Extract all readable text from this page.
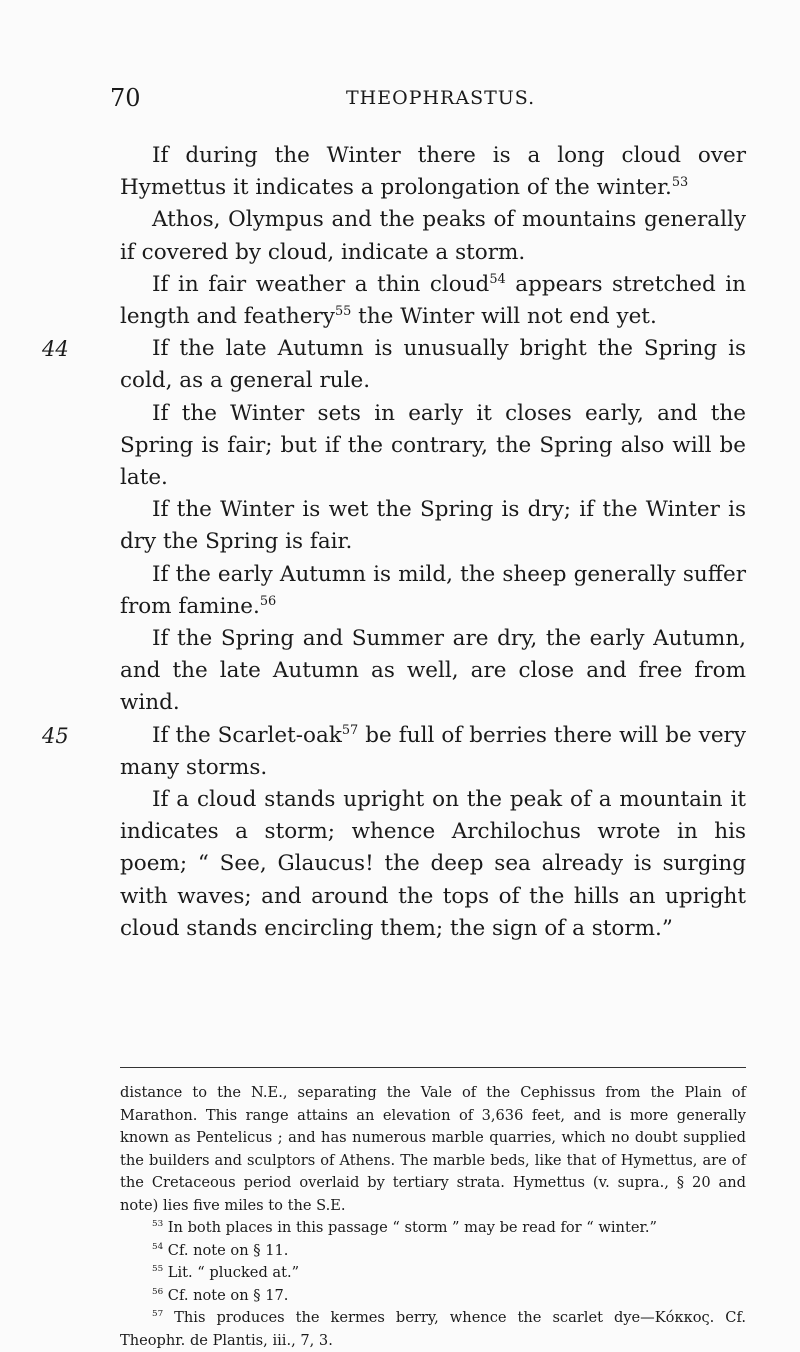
70	THEOPHRASTUS.

If during the Winter there is a long cloud over Hymettus it indicates a prolongation of the winter.$^{53}$

Athos, Olympus and the peaks of mountains generally if covered by cloud, indicate a storm.

If in fair weather a thin cloud$^{54}$ appears stretched in length and feathery$^{55}$ the Winter will not end yet.

44	If the late Autumn is unusually bright the Spring is cold, as a general rule.

If the Winter sets in early it closes early, and the Spring is fair; but if the contrary, the Spring also will be late.

If the Winter is wet the Spring is dry; if the Winter is dry the Spring is fair.

If the early Autumn is mild, the sheep generally suffer from famine.$^{56}$

If the Spring and Summer are dry, the early Autumn, and the late Autumn as well, are close and free from wind.

45	If the Scarlet-oak$^{57}$ be full of berries there will be very many storms.

If a cloud stands upright on the peak of a mountain it indicates a storm; whence Archilochus wrote in his poem; “ See, Glaucus! the deep sea already is surging with waves; and around the tops of the hills an upright cloud stands encircling them; the sign of a storm.”

distance to the N.E., separating the Vale of the Cephissus from the Plain of Marathon. This range attains an elevation of 3,636 feet, and is more generally known as Pentelicus ; and has numerous marble quarries, which no doubt supplied the builders and sculptors of Athens. The marble beds, like that of Hymettus, are of the Cretaceous period overlaid by tertiary strata. Hymettus (v. supra., § 20 and note) lies five miles to the S.E.

$^{53}$ In both places in this passage “ storm ” may be read for “ winter.”

$^{54}$ Cf. note on § 11.

$^{55}$ Lit. “ plucked at.”

$^{56}$ Cf. note on § 17.

$^{57}$ This produces the kermes berry, whence the scarlet dye—Κόκκος. Cf. Theophr. de Plantis, iii., 7, 3.
